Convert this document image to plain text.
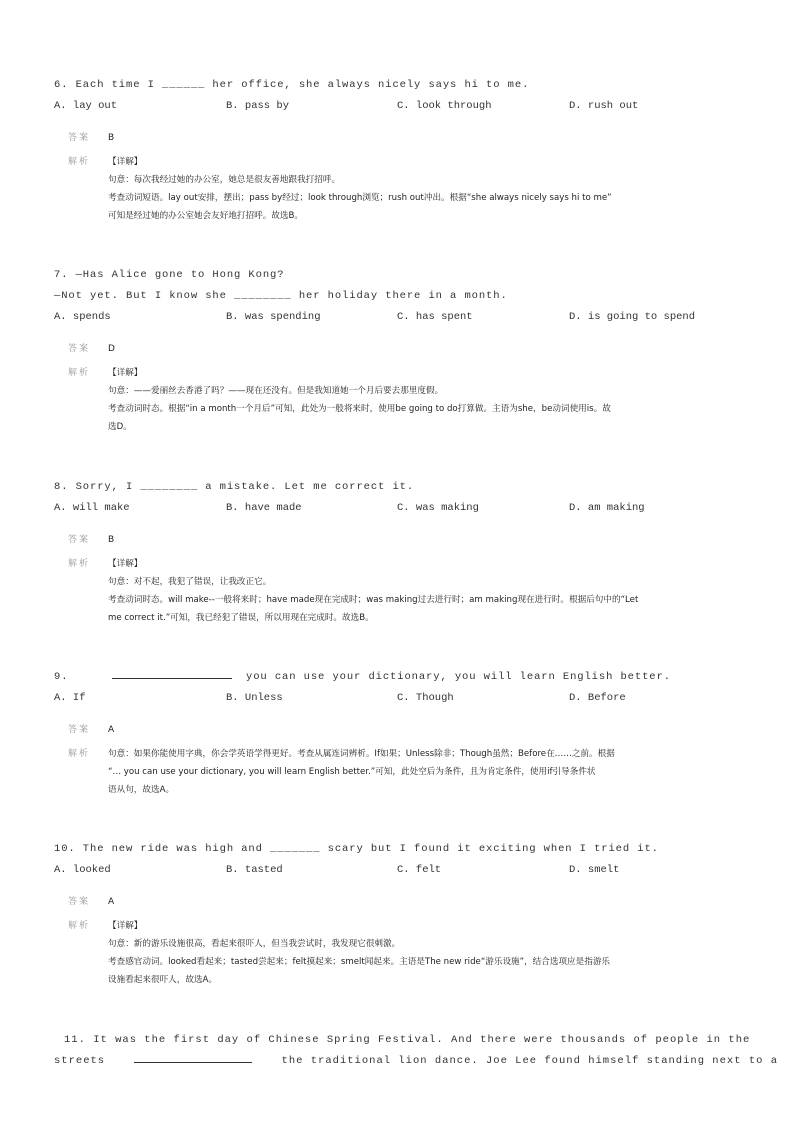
6. Each time I ______ her office, she always nicely says hi to me.
A. lay out	B. pass by	C. look through	D. rush out
答案 B
解析 【详解】
句意：每次我经过她的办公室，她总是很友善地跟我打招呼。
考查动词短语。lay out安排，摆出；pass by经过；look through浏览；rush out冲出。根据“she always nicely says hi to me”
可知是经过她的办公室她会友好地打招呼。故选B。
7. —Has Alice gone to Hong Kong?
—Not yet. But I know she ________ her holiday there in a month.
A. spends	B. was spending	C. has spent	D. is going to spend
答案 D
解析 【详解】
句意：——爱丽丝去香港了吗？——现在还没有。但是我知道她一个月后要去那里度假。
考查动词时态。根据“in a month一个月后”可知，此处为一般将来时，使用be going to do打算做。主语为she，be动词使用is。故
选D。
8. Sorry, I ________ a mistake. Let me correct it.
A. will make	B. have made	C. was making	D. am making
答案 B
解析 【详解】
句意：对不起，我犯了错误，让我改正它。
考查动词时态。will make--一般将来时；have made现在完成时；was making过去进行时；am making现在进行时。根据后句中的“Let
me correct it.”可知，我已经犯了错误，所以用现在完成时。故选B。
9.	you can use your dictionary, you will learn English better.
A. If	B. Unless	C. Though	D. Before
答案 A
解析 句意：如果你能使用字典，你会学英语学得更好。考查从属连词辨析。If如果；Unless除非；Though虽然；Before在……之前。根据
“… you can use your dictionary, you will learn English better.”可知，此处空后为条件，且为肯定条件，使用if引导条件状
语从句，故选A。
10. The new ride was high and _______ scary but I found it exciting when I tried it.
A. looked	B. tasted	C. felt	D. smelt
答案 A
解析 【详解】
句意：新的游乐设施很高，看起来很吓人，但当我尝试时，我发现它很刺激。
考查感官动词。looked看起来；tasted尝起来；felt摸起来；smelt闻起来。主语是The new ride“游乐设施”，结合选项应是指游乐
设施看起来很吓人，故选A。
11. It was the first day of Chinese Spring Festival. And there were thousands of people in the
streets	the traditional lion dance. Joe Lee found himself standing next to a
